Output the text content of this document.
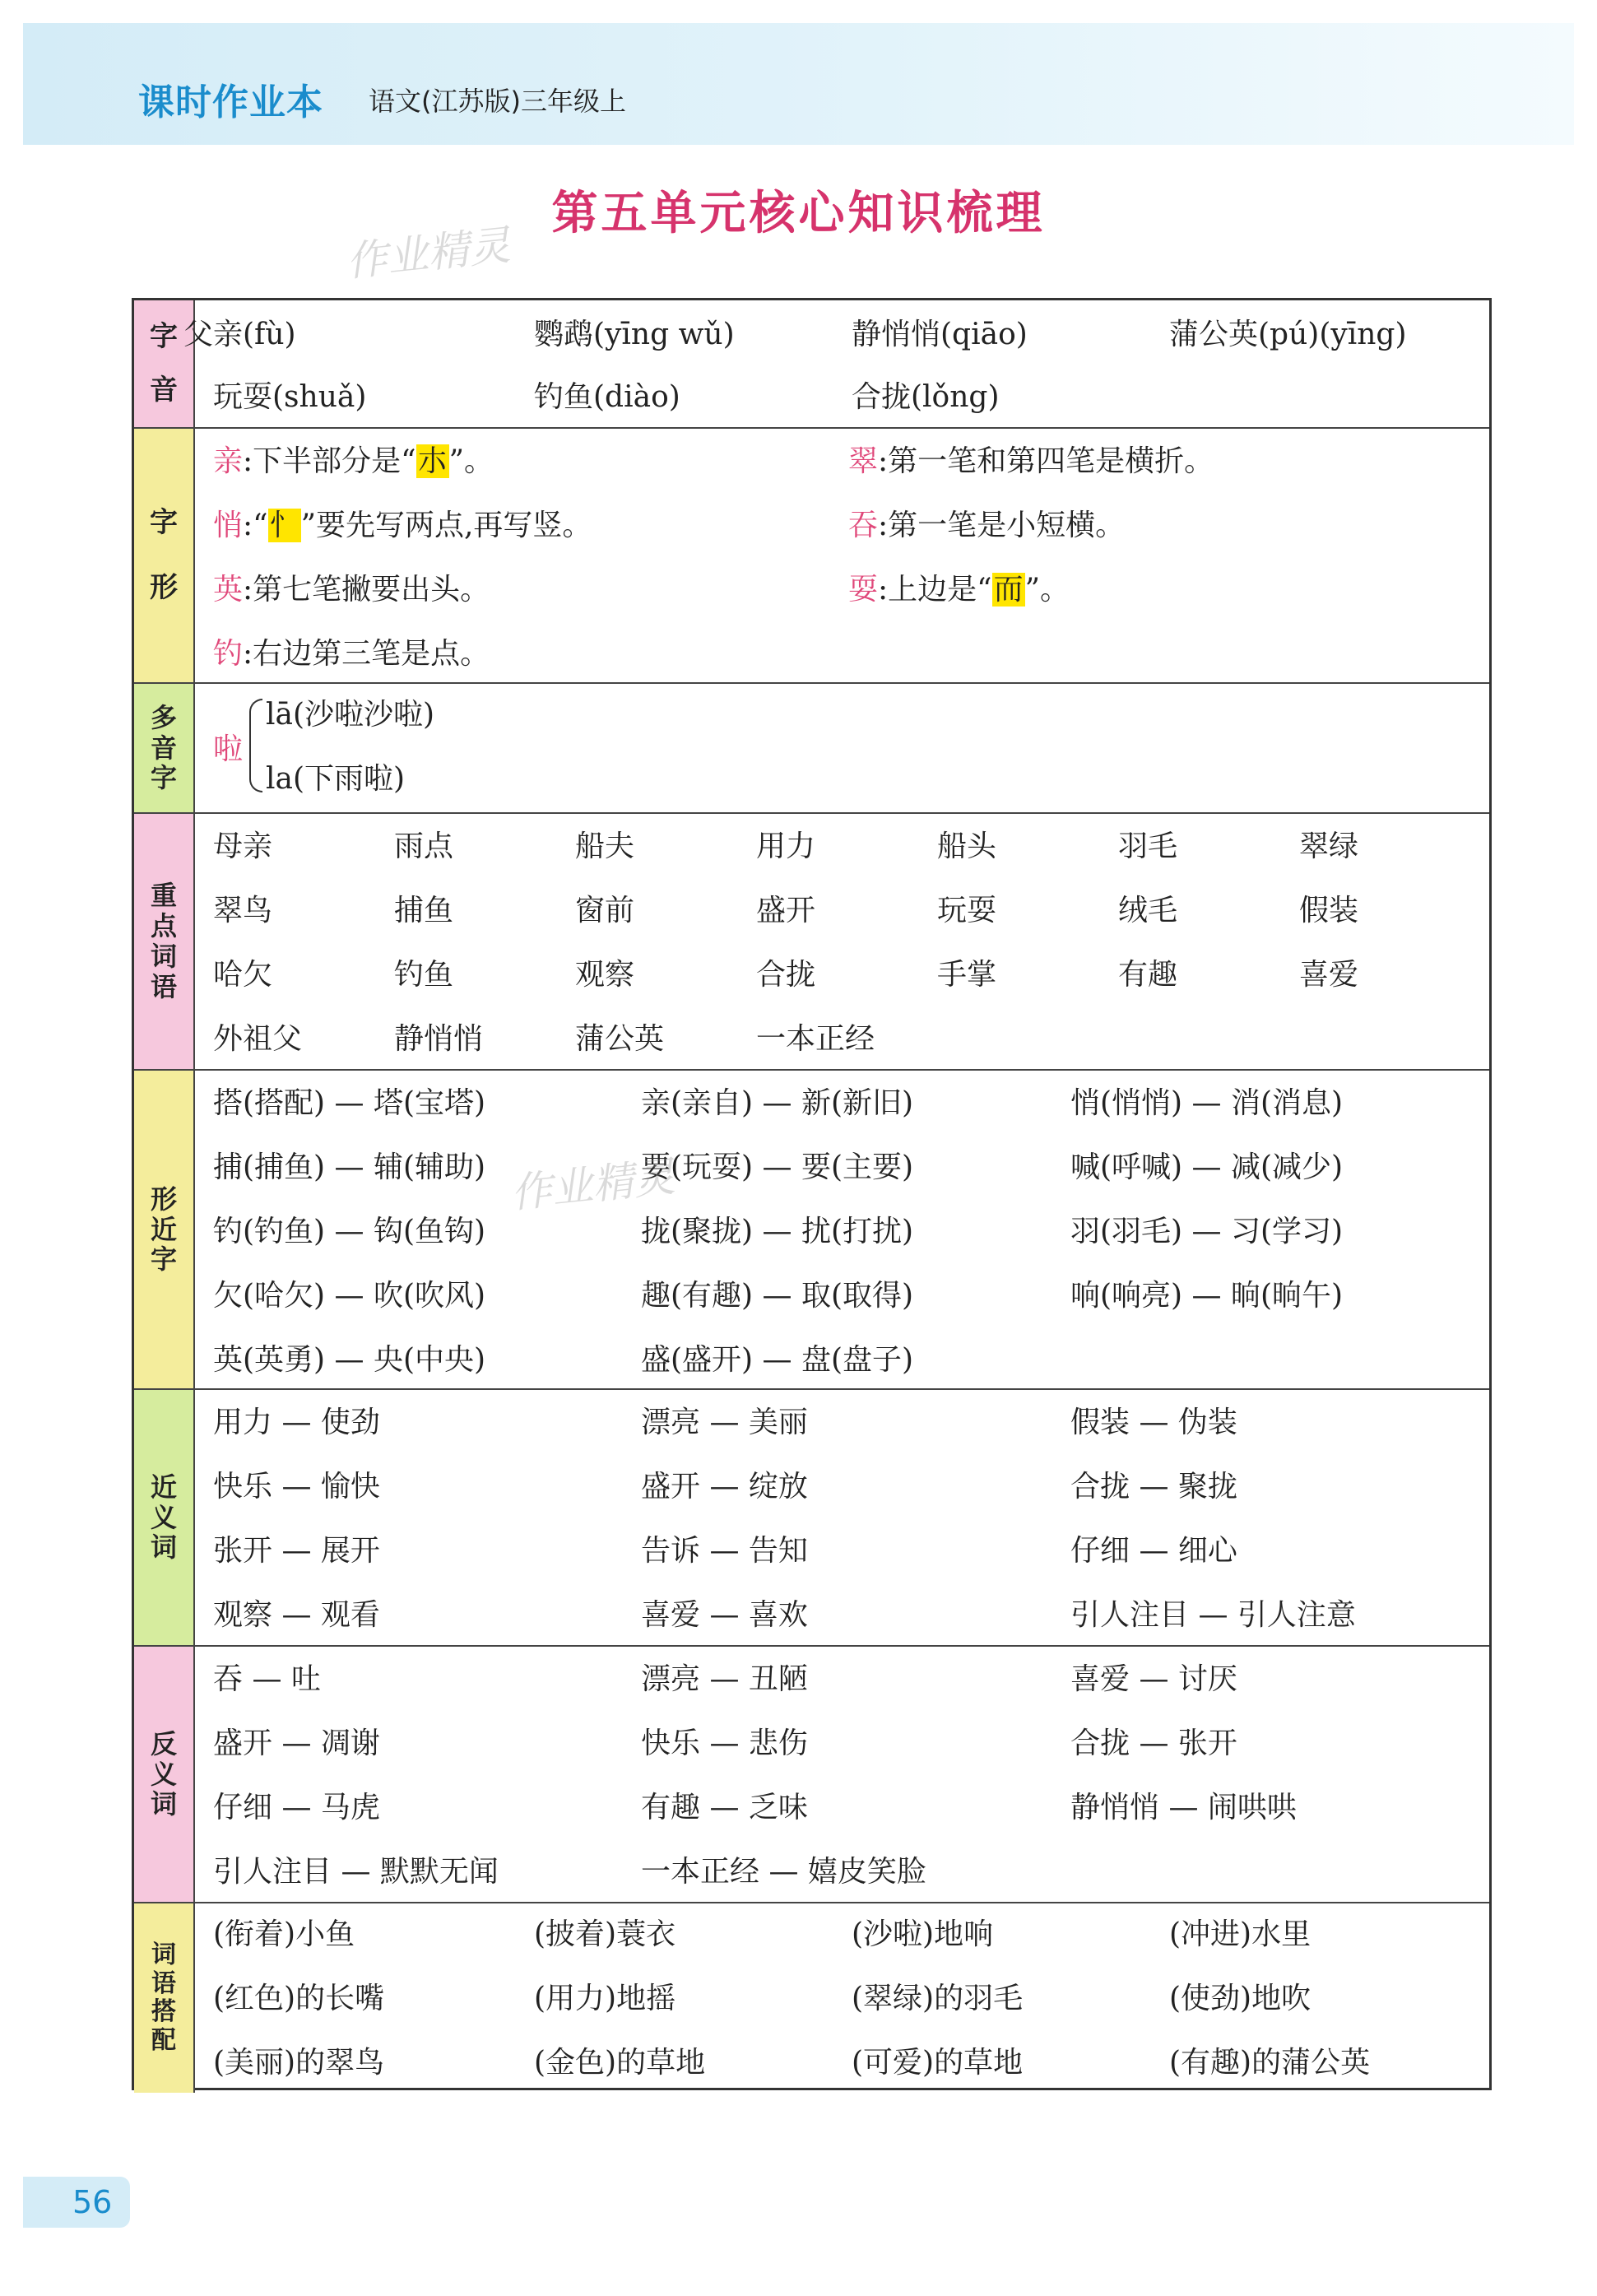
课时作业本 语文(江苏版)三年级上
第五单元核心知识梳理
作业精灵
字
音
父亲(fù)	鹦鹉(yīng wǔ)	静悄悄(qiāo)	蒲公英(pú)(yīng)
玩耍(shuǎ)	钓鱼(diào)	合拢(lǒng)
字
形
亲:下半部分是“朩”。	翠:第一笔和第四笔是横折。
悄:“忄”要先写两点,再写竖。	吞:第一笔是小短横。
英:第七笔撇要出头。	耍:上边是“而”。
钓:右边第三笔是点。
多
音
字
啦
lā(沙啦沙啦)
la(下雨啦)
重
点
词
语
母亲	雨点	船夫	用力	船头	羽毛	翠绿
翠鸟	捕鱼	窗前	盛开	玩耍	绒毛	假装
哈欠	钓鱼	观察	合拢	手掌	有趣	喜爱
外祖父	静悄悄	蒲公英	一本正经
形
近
字
搭(搭配) — 塔(宝塔)	亲(亲自) — 新(新旧)	悄(悄悄) — 消(消息)
捕(捕鱼) — 辅(辅助)	要(玩耍) — 要(主要)	喊(呼喊) — 减(减少)
钓(钓鱼) — 钩(鱼钩)	拢(聚拢) — 扰(打扰)	羽(羽毛) — 习(学习)
欠(哈欠) — 吹(吹风)	趣(有趣) — 取(取得)	响(响亮) — 晌(晌午)
英(英勇) — 央(中央)	盛(盛开) — 盘(盘子)
近
义
词
用力 — 使劲	漂亮 — 美丽	假装 — 伪装
快乐 — 愉快	盛开 — 绽放	合拢 — 聚拢
张开 — 展开	告诉 — 告知	仔细 — 细心
观察 — 观看	喜爱 — 喜欢	引人注目 — 引人注意
反
义
词
吞 — 吐	漂亮 — 丑陋	喜爱 — 讨厌
盛开 — 凋谢	快乐 — 悲伤	合拢 — 张开
仔细 — 马虎	有趣 — 乏味	静悄悄 — 闹哄哄
引人注目 — 默默无闻	一本正经 — 嬉皮笑脸
词
语
搭
配
(衔着)小鱼	(披着)蓑衣	(沙啦)地响	(冲进)水里
(红色)的长嘴	(用力)地摇	(翠绿)的羽毛	(使劲)地吹
(美丽)的翠鸟	(金色)的草地	(可爱)的草地	(有趣)的蒲公英
作业精灵
56
